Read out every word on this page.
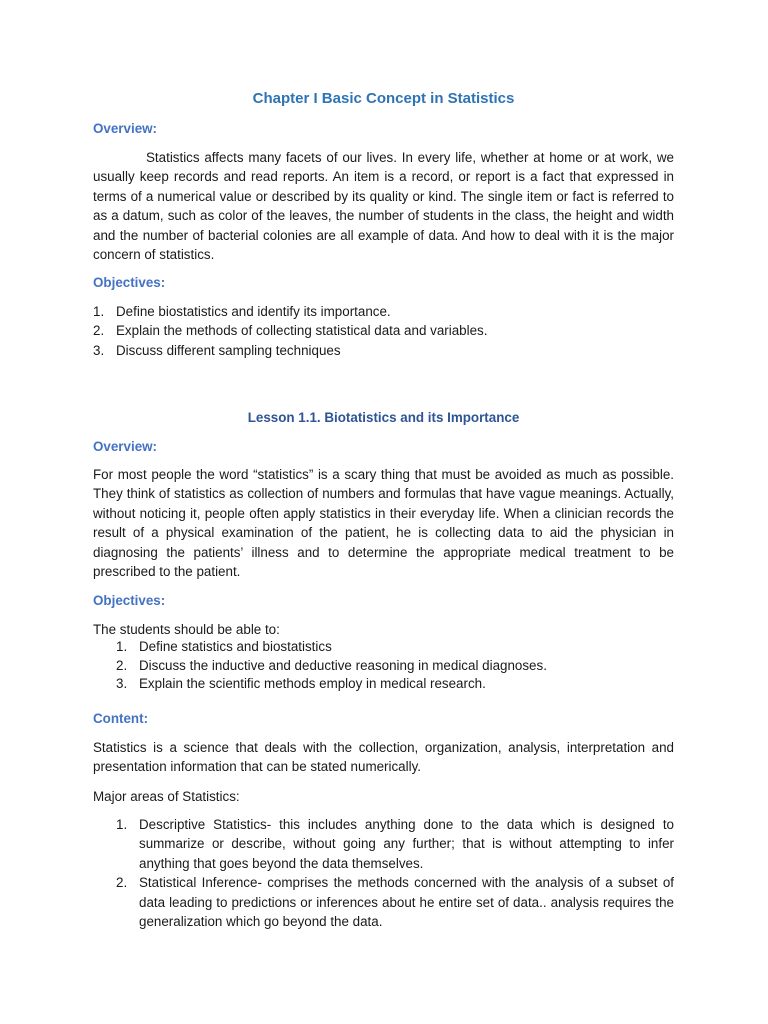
Chapter I Basic Concept in Statistics
Overview:

Statistics affects many facets of our lives. In every life, whether at home or at work, we usually keep records and read reports. An item is a record, or report is a fact that expressed in terms of a numerical value or described by its quality or kind. The single item or fact is referred to as a datum, such as color of the leaves, the number of students in the class, the height and width and the number of bacterial colonies are all example of data. And how to deal with it is the major concern of statistics.

Objectives:
1. Define biostatistics and identify its importance.
2. Explain the methods of collecting statistical data and variables.
3. Discuss different sampling techniques
Lesson 1.1. Biotatistics and its Importance
Overview:

For most people the word “statistics” is a scary thing that must be avoided as much as possible. They think of statistics as collection of numbers and formulas that have vague meanings. Actually, without noticing it, people often apply statistics in their everyday life. When a clinician records the result of a physical examination of the patient, he is collecting data to aid the physician in diagnosing the patients’ illness and to determine the appropriate medical treatment to be prescribed to the patient.

Objectives:

The students should be able to:

1. Define statistics and biostatistics
2. Discuss the inductive and deductive reasoning in medical diagnoses.
3. Explain the scientific methods employ in medical research.
Content:

Statistics is a science that deals with the collection, organization, analysis, interpretation and presentation information that can be stated numerically.

Major areas of Statistics:

1. Descriptive Statistics- this includes anything done to the data which is designed to summarize or describe, without going any further; that is without attempting to infer anything that goes beyond the data themselves.
2. Statistical Inference- comprises the methods concerned with the analysis of a subset of data leading to predictions or inferences about he entire set of data.. analysis requires the generalization which go beyond the data.
